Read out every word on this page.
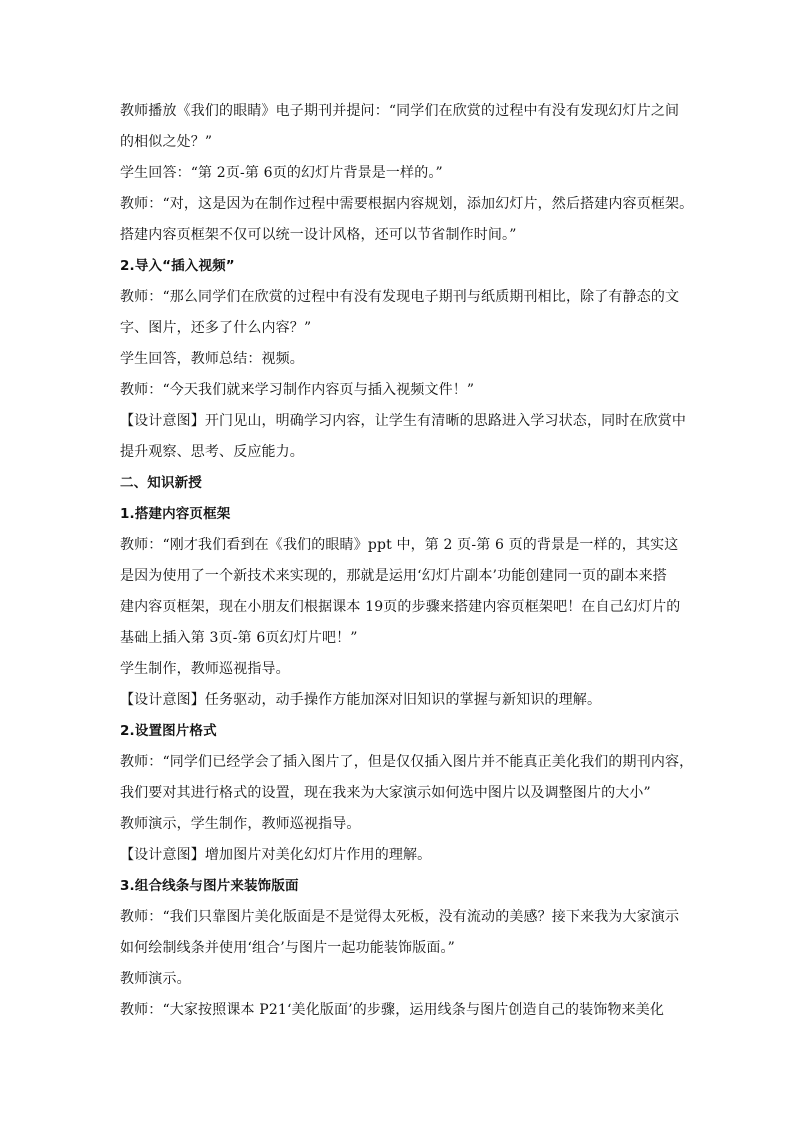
教师播放《我们的眼睛》电子期刊并提问：“同学们在欣赏的过程中有没有发现幻灯片之间
的相似之处？”
学生回答：“第 2页-第 6页的幻灯片背景是一样的。”
教师：“对，这是因为在制作过程中需要根据内容规划，添加幻灯片，然后搭建内容页框架。
搭建内容页框架不仅可以统一设计风格，还可以节省制作时间。”
2.导入“插入视频”
教师：“那么同学们在欣赏的过程中有没有发现电子期刊与纸质期刊相比，除了有静态的文
字、图片，还多了什么内容？”
学生回答，教师总结：视频。
教师：“今天我们就来学习制作内容页与插入视频文件！”
【设计意图】开门见山，明确学习内容，让学生有清晰的思路进入学习状态，同时在欣赏中
提升观察、思考、反应能力。
二、知识新授
1.搭建内容页框架
教师：“刚才我们看到在《我们的眼睛》ppt 中，第 2 页-第 6 页的背景是一样的，其实这
是因为使用了一个新技术来实现的，那就是运用‘幻灯片副本’功能创建同一页的副本来搭
建内容页框架，现在小朋友们根据课本 19页的步骤来搭建内容页框架吧！在自己幻灯片的
基础上插入第 3页-第 6页幻灯片吧！”
学生制作，教师巡视指导。
【设计意图】任务驱动，动手操作方能加深对旧知识的掌握与新知识的理解。
2.设置图片格式
教师：“同学们已经学会了插入图片了，但是仅仅插入图片并不能真正美化我们的期刊内容，
我们要对其进行格式的设置，现在我来为大家演示如何选中图片以及调整图片的大小”
教师演示，学生制作，教师巡视指导。
【设计意图】增加图片对美化幻灯片作用的理解。
3.组合线条与图片来装饰版面
教师：“我们只靠图片美化版面是不是觉得太死板，没有流动的美感？接下来我为大家演示
如何绘制线条并使用‘组合’与图片一起功能装饰版面。”
教师演示。
教师：“大家按照课本 P21‘美化版面’的步骤，运用线条与图片创造自己的装饰物来美化
